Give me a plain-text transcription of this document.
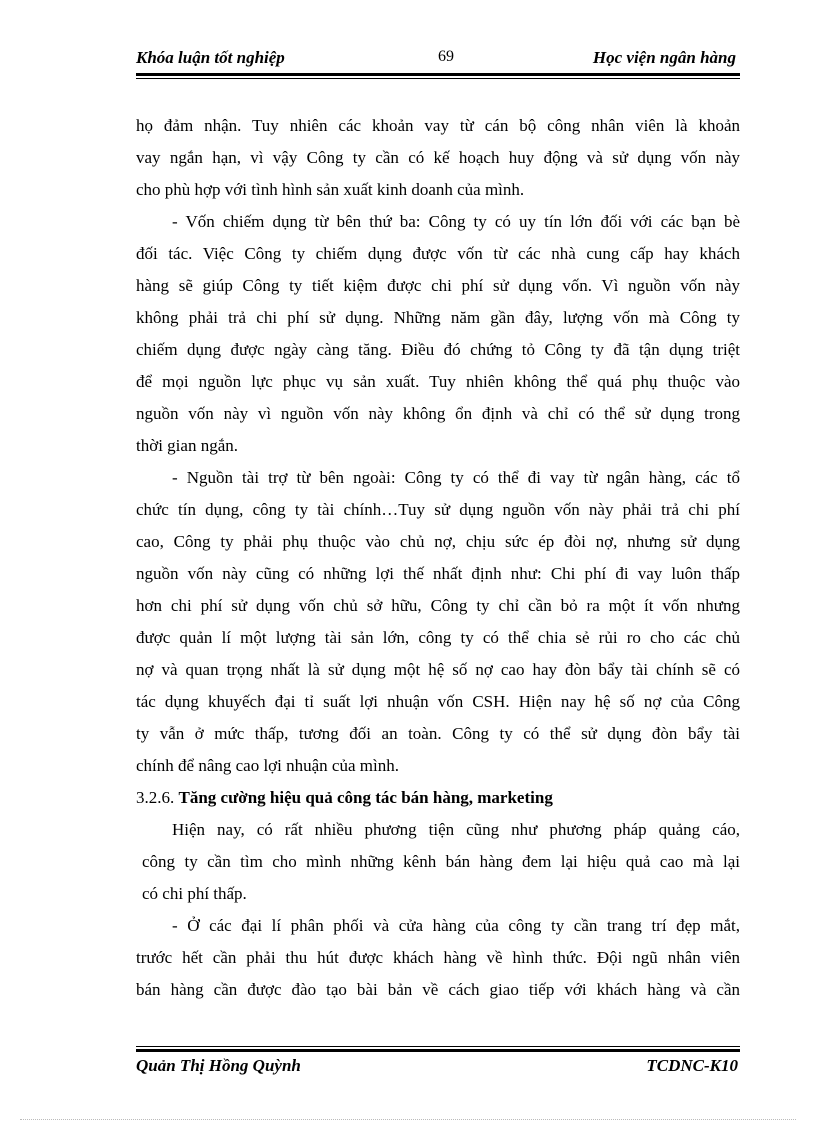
Khóa luận tốt nghiệp	69	Học viện ngân hàng
họ đảm nhận. Tuy nhiên các khoản vay từ cán bộ công nhân viên là khoản
vay ngắn hạn, vì vậy Công ty cần có kế hoạch huy động và sử dụng vốn này
cho phù hợp với tình hình sản xuất kinh doanh của mình.
- Vốn chiếm dụng từ bên thứ ba: Công ty có uy tín lớn đối với các bạn bè
đối tác. Việc Công ty chiếm dụng được vốn từ các nhà cung cấp hay khách
hàng sẽ giúp Công ty tiết kiệm được chi phí sử dụng vốn. Vì nguồn vốn này
không phải trả chi phí sử dụng. Những năm gần đây, lượng vốn mà Công ty
chiếm dụng được ngày càng tăng. Điều đó chứng tỏ Công ty đã tận dụng triệt
để mọi nguồn lực phục vụ sản xuất. Tuy nhiên không thể quá phụ thuộc vào
nguồn vốn này vì nguồn vốn này không ổn định và chỉ có thể sử dụng trong
thời gian ngắn.
- Nguồn tài trợ từ bên ngoài: Công ty có thể đi vay từ ngân hàng, các tổ
chức tín dụng, công ty tài chính…Tuy sử dụng nguồn vốn này phải trả chi phí
cao, Công ty phải phụ thuộc vào chủ nợ, chịu sức ép đòi nợ, nhưng sử dụng
nguồn vốn này cũng có những lợi thế nhất định như: Chi phí đi vay luôn thấp
hơn chi phí sử dụng vốn chủ sở hữu, Công ty chỉ cần bỏ ra một ít vốn nhưng
được quản lí một lượng tài sản lớn, công ty có thể chia sẻ rủi ro cho các chủ
nợ và quan trọng nhất là sử dụng một hệ số nợ cao hay đòn bẩy tài chính sẽ có
tác dụng khuyếch đại tỉ suất lợi nhuận vốn CSH. Hiện nay hệ số nợ của Công
ty vẫn ở mức thấp, tương đối an toàn. Công ty có thể sử dụng đòn bẩy tài
chính để nâng cao lợi nhuận của mình.
3.2.6. Tăng cường hiệu quả công tác bán hàng, marketing
Hiện nay, có rất nhiều phương tiện cũng như phương pháp quảng cáo,
công ty cần tìm cho mình những kênh bán hàng đem lại hiệu quả cao mà lại
có chi phí thấp.
- Ở các đại lí phân phối và cửa hàng của công ty cần trang trí đẹp mắt,
trước hết cần phải thu hút được khách hàng về hình thức. Đội ngũ nhân viên
bán hàng cần được đào tạo bài bản về cách giao tiếp với khách hàng và cần
Quản Thị Hồng Quỳnh	TCDNC-K10
